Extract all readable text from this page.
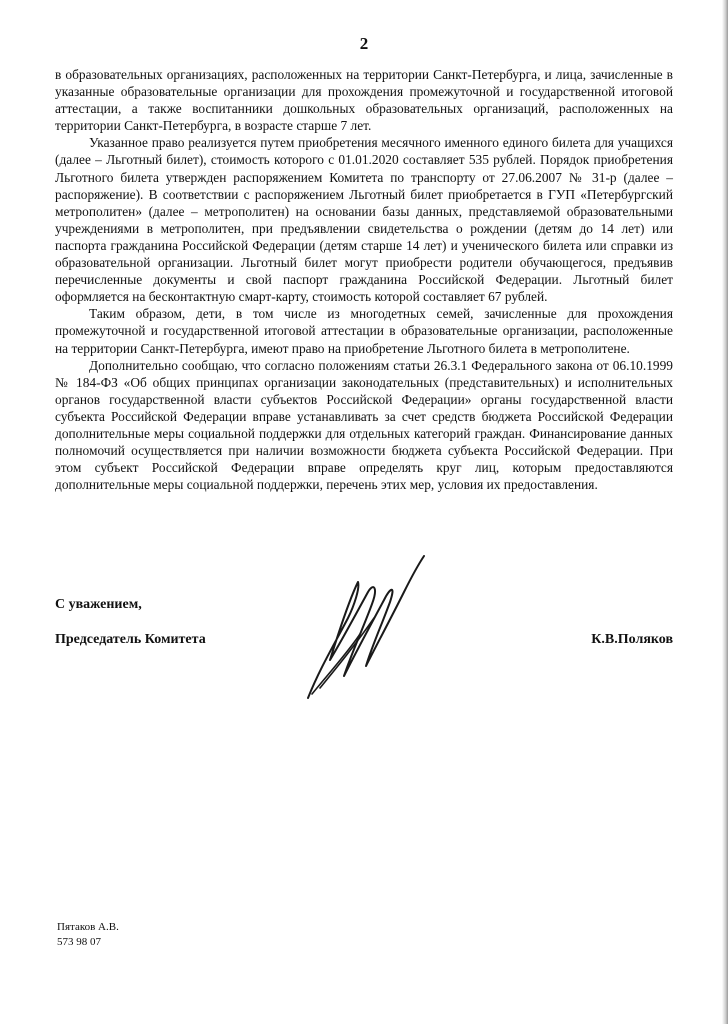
2

в образовательных организациях, расположенных на территории Санкт-Петербурга, и лица, зачисленные в указанные образовательные организации для прохождения промежуточной и государственной итоговой аттестации, а также воспитанники дошкольных образовательных организаций, расположенных на территории Санкт-Петербурга, в возрасте старше 7 лет.

Указанное право реализуется путем приобретения месячного именного единого билета для учащихся (далее – Льготный билет), стоимость которого с 01.01.2020 составляет 535 рублей. Порядок приобретения Льготного билета утвержден распоряжением Комитета по транспорту от 27.06.2007 № 31-р (далее – распоряжение). В соответствии с распоряжением Льготный билет приобретается в ГУП «Петербургский метрополитен» (далее – метрополитен) на основании базы данных, представляемой образовательными учреждениями в метрополитен, при предъявлении свидетельства о рождении (детям до 14 лет) или паспорта гражданина Российской Федерации (детям старше 14 лет) и ученического билета или справки из образовательной организации. Льготный билет могут приобрести родители обучающегося, предъявив перечисленные документы и свой паспорт гражданина Российской Федерации. Льготный билет оформляется на бесконтактную смарт-карту, стоимость которой составляет 67 рублей.

Таким образом, дети, в том числе из многодетных семей, зачисленные для прохождения промежуточной и государственной итоговой аттестации в образовательные организации, расположенные на территории Санкт-Петербурга, имеют право на приобретение Льготного билета в метрополитене.

Дополнительно сообщаю, что согласно положениям статьи 26.3.1 Федерального закона от 06.10.1999 № 184-ФЗ «Об общих принципах организации законодательных (представительных) и исполнительных органов государственной власти субъектов Российской Федерации» органы государственной власти субъекта Российской Федерации вправе устанавливать за счет средств бюджета Российской Федерации дополнительные меры социальной поддержки для отдельных категорий граждан. Финансирование данных полномочий осуществляется при наличии возможности бюджета субъекта Российской Федерации. При этом субъект Российской Федерации вправе определять круг лиц, которым предоставляются дополнительные меры социальной поддержки, перечень этих мер, условия их предоставления.

С уважением,
Председатель Комитета	К.В.Поляков
Пятаков А.В.
573 98 07
